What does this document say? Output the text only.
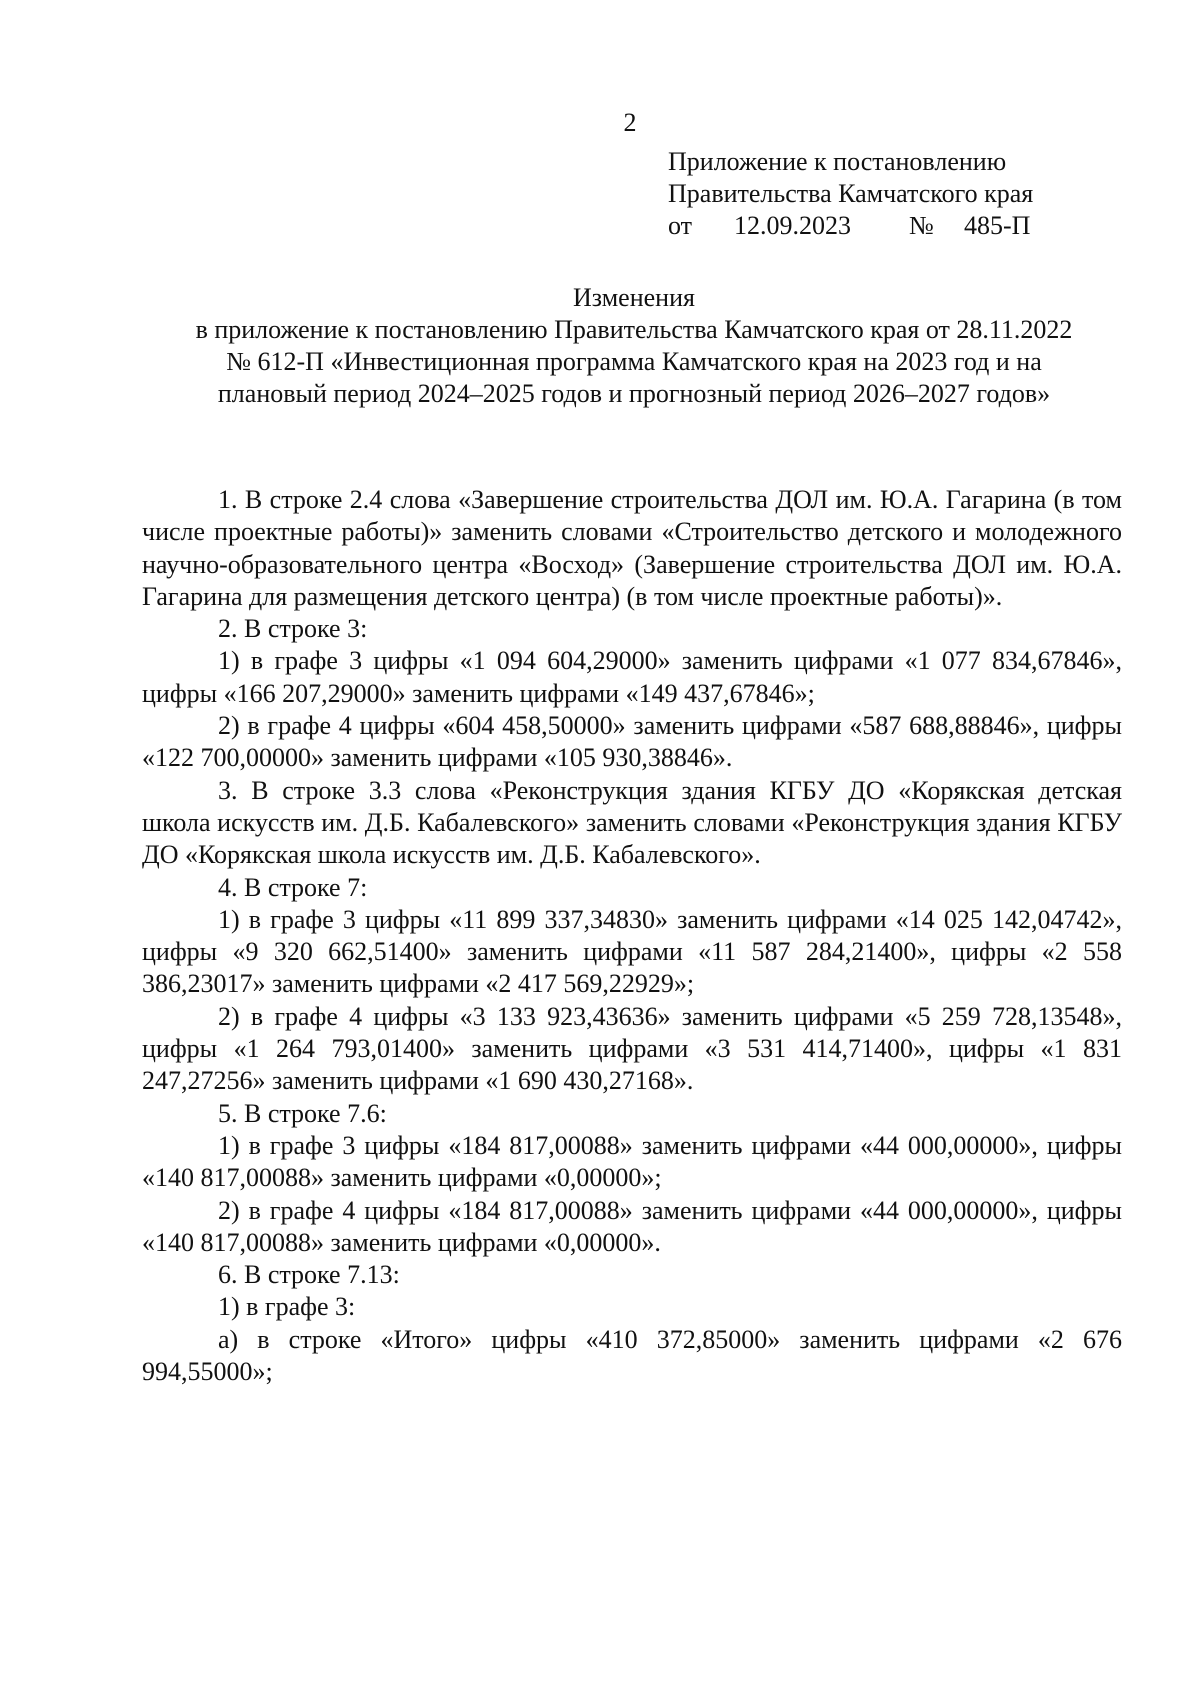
2
Приложение к постановлению
Правительства Камчатского края
от 12.09.2023 № 485-П
Изменения
в приложение к постановлению Правительства Камчатского края от 28.11.2022
№ 612-П «Инвестиционная программа Камчатского края на 2023 год и на
плановый период 2024–2025 годов и прогнозный период 2026–2027 годов»

1. В строке 2.4 слова «Завершение строительства ДОЛ им. Ю.А. Гагарина (в том числе проектные работы)» заменить словами «Строительство детского и молодежного научно-образовательного центра «Восход» (Завершение строительства ДОЛ им. Ю.А. Гагарина для размещения детского центра) (в том числе проектные работы)».

2. В строке 3:

1) в графе 3 цифры «1 094 604,29000» заменить цифрами «1 077 834,67846», цифры «166 207,29000» заменить цифрами «149 437,67846»;

2) в графе 4 цифры «604 458,50000» заменить цифрами «587 688,88846», цифры «122 700,00000» заменить цифрами «105 930,38846».

3. В строке 3.3 слова «Реконструкция здания КГБУ ДО «Корякская детская школа искусств им. Д.Б. Кабалевского» заменить словами «Реконструкция здания КГБУ ДО «Корякская школа искусств им. Д.Б. Кабалевского».

4. В строке 7:

1) в графе 3 цифры «11 899 337,34830» заменить цифрами «14 025 142,04742», цифры «9 320 662,51400» заменить цифрами «11 587 284,21400», цифры «2 558 386,23017» заменить цифрами «2 417 569,22929»;

2) в графе 4 цифры «3 133 923,43636» заменить цифрами «5 259 728,13548», цифры «1 264 793,01400» заменить цифрами «3 531 414,71400», цифры «1 831 247,27256» заменить цифрами «1 690 430,27168».

5. В строке 7.6:

1) в графе 3 цифры «184 817,00088» заменить цифрами «44 000,00000», цифры «140 817,00088» заменить цифрами «0,00000»;

2) в графе 4 цифры «184 817,00088» заменить цифрами «44 000,00000», цифры «140 817,00088» заменить цифрами «0,00000».

6. В строке 7.13:

1) в графе 3:

а) в строке «Итого» цифры «410 372,85000» заменить цифрами «2 676 994,55000»;
